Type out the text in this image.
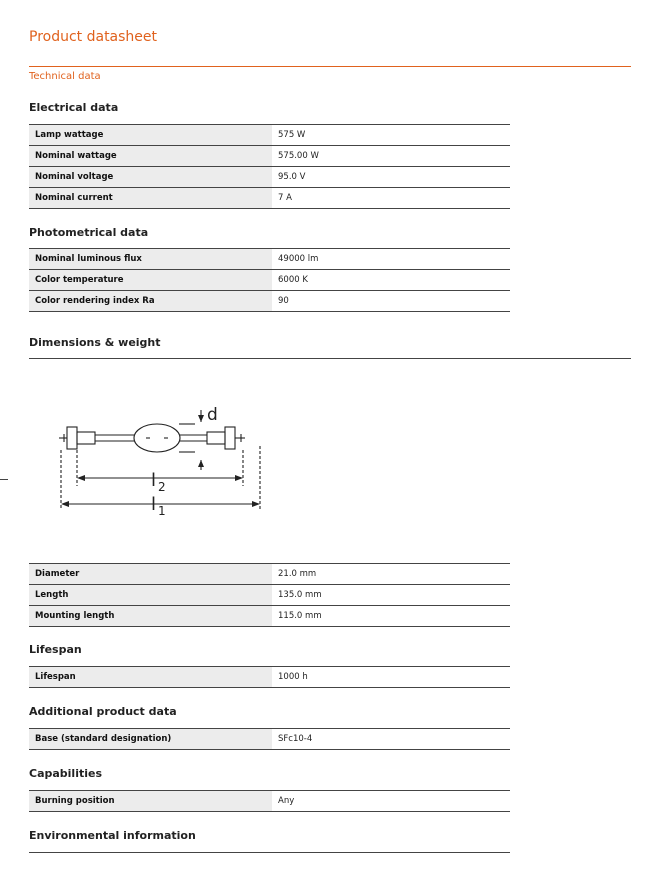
Product datasheet
Technical data
Electrical data
Lamp wattage	575 W
Nominal wattage	575.00 W
Nominal voltage	95.0 V
Nominal current	7 A
Photometrical data
Nominal luminous flux	49000 lm
Color temperature	6000 K
Color rendering index Ra	90
Dimensions & weight
d
l 2
l 1
Diameter	21.0 mm
Length	135.0 mm
Mounting length	115.0 mm
Lifespan
Lifespan	1000 h
Additional product data
Base (standard designation)	SFc10-4
Capabilities
Burning position	Any
Environmental information
